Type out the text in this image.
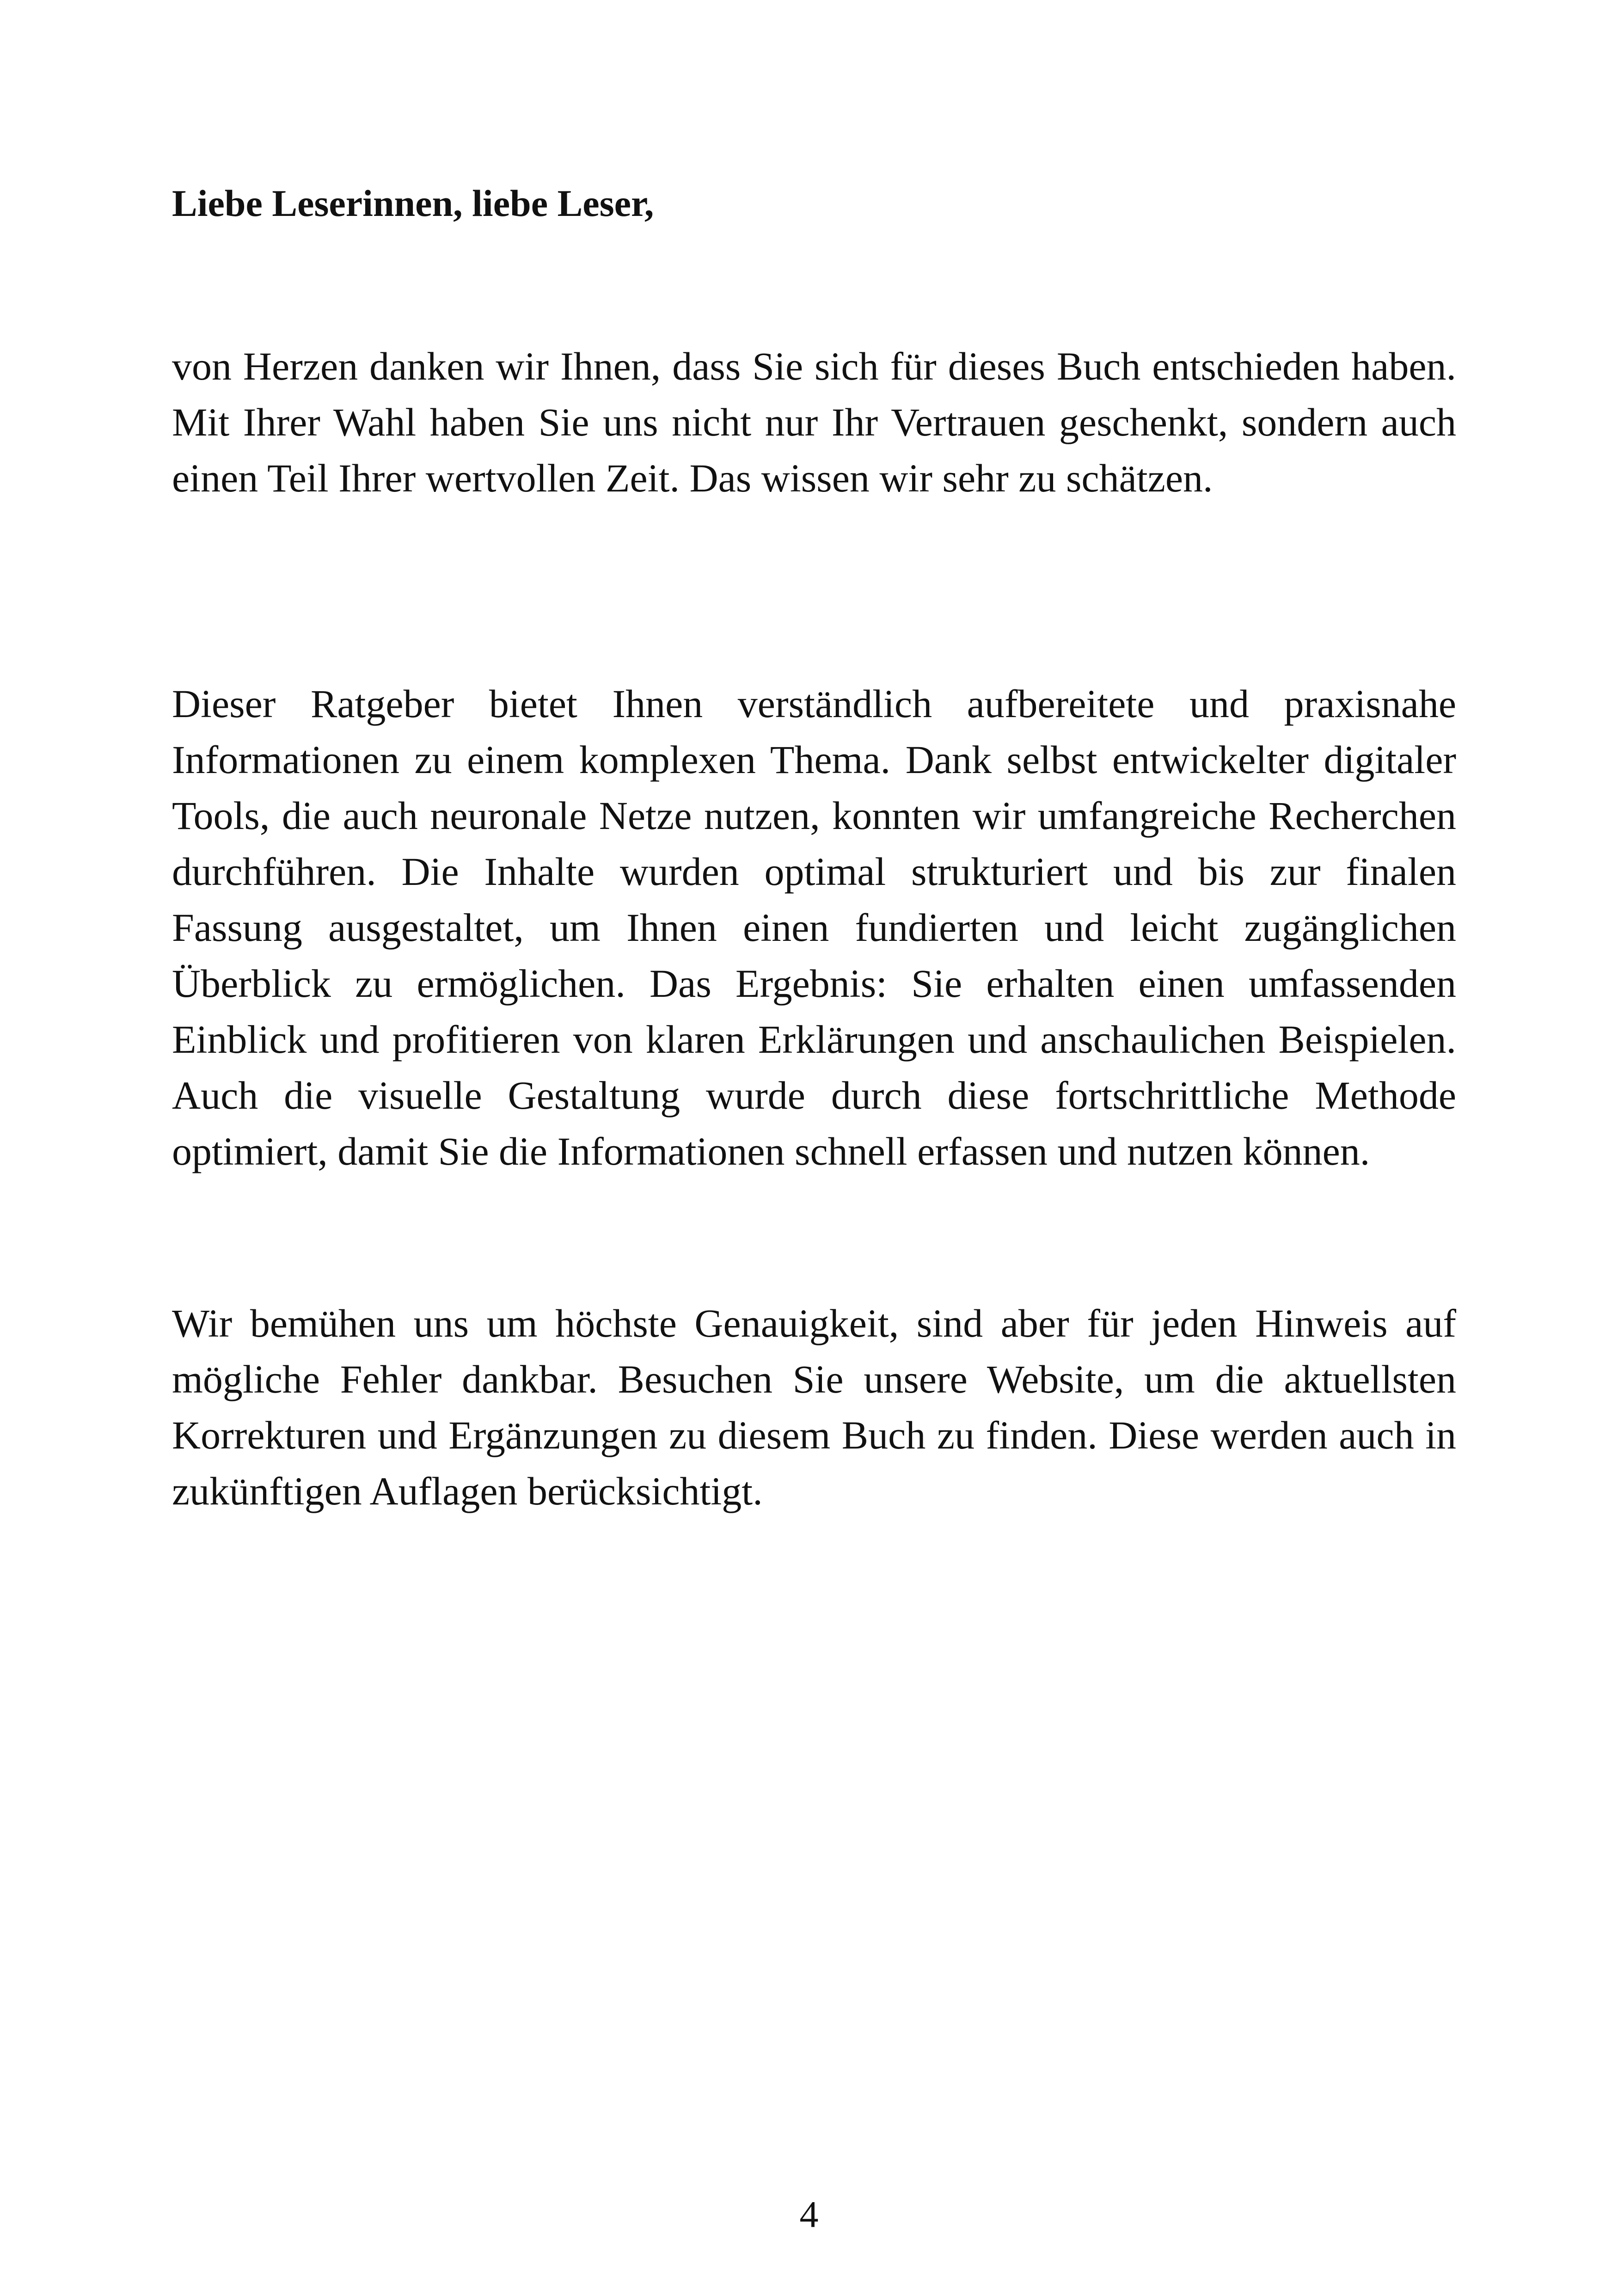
Liebe Leserinnen, liebe Leser,

von Herzen danken wir Ihnen, dass Sie sich für dieses Buch entschieden haben. Mit Ihrer Wahl haben Sie uns nicht nur Ihr Vertrauen geschenkt, sondern auch einen Teil Ihrer wertvollen Zeit. Das wissen wir sehr zu schätzen.

Dieser Ratgeber bietet Ihnen verständlich aufbereitete und praxisnahe Informationen zu einem komplexen Thema. Dank selbst entwickelter digitaler Tools, die auch neuronale Netze nutzen, konnten wir umfangreiche Recherchen durchführen. Die Inhalte wurden optimal strukturiert und bis zur finalen Fassung ausgestaltet, um Ihnen einen fundierten und leicht zugänglichen Überblick zu ermöglichen. Das Ergebnis: Sie erhalten einen umfassenden Einblick und profitieren von klaren Erklärungen und anschaulichen Beispielen. Auch die visuelle Gestaltung wurde durch diese fortschrittliche Methode optimiert, damit Sie die Informationen schnell erfassen und nutzen können.

Wir bemühen uns um höchste Genauigkeit, sind aber für jeden Hinweis auf mögliche Fehler dankbar. Besuchen Sie unsere Website, um die aktuellsten Korrekturen und Ergänzungen zu diesem Buch zu finden. Diese werden auch in zukünftigen Auflagen berücksichtigt.

4
